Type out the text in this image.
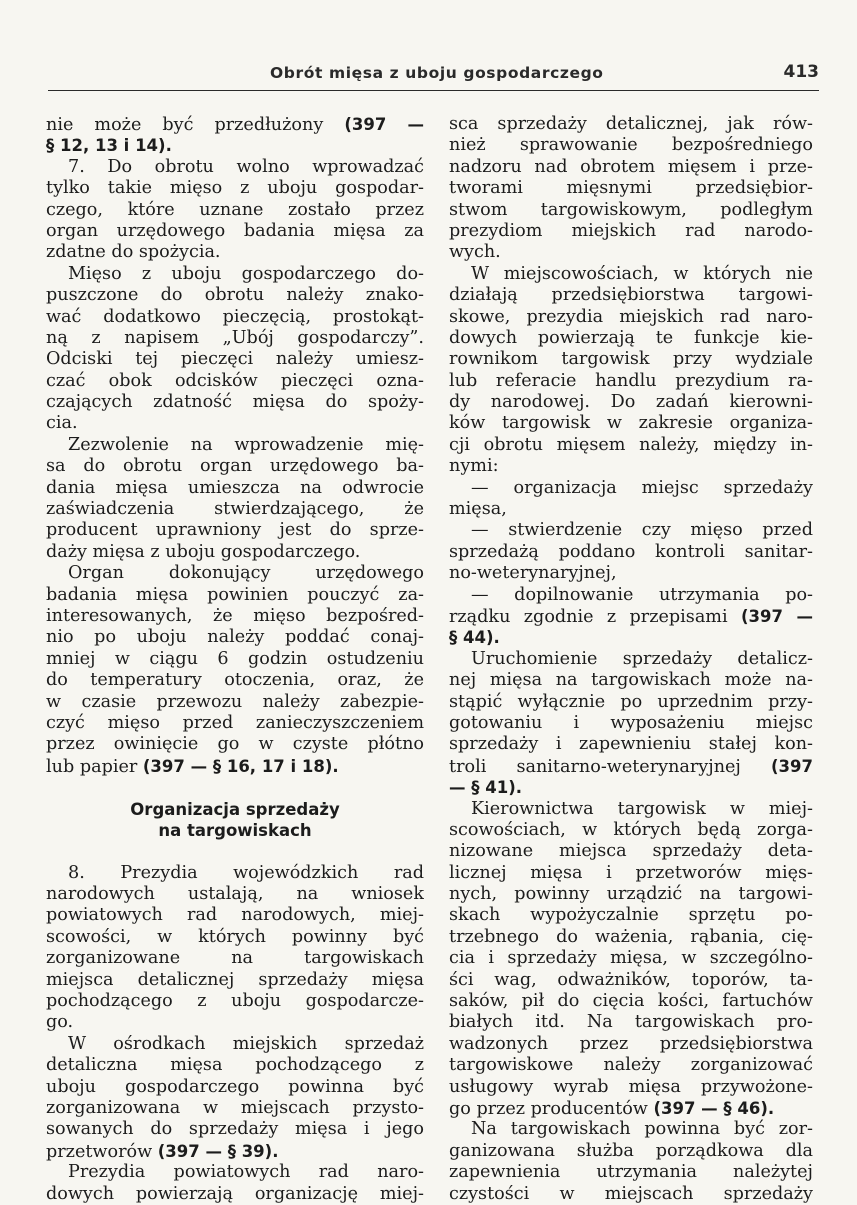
Obrót mięsa z uboju gospodarczego	413
nie może być przedłużony (397 —
§ 12, 13 i 14).
7. Do obrotu wolno wprowadzać
tylko takie mięso z uboju gospodar-
czego, które uznane zostało przez
organ urzędowego badania mięsa za
zdatne do spożycia.
Mięso z uboju gospodarczego do-
puszczone do obrotu należy znako-
wać dodatkowo pieczęcią, prostokąt-
ną z napisem „Ubój gospodarczy”.
Odciski tej pieczęci należy umiesz-
czać obok odcisków pieczęci ozna-
czających zdatność mięsa do spoży-
cia.
Zezwolenie na wprowadzenie mię-
sa do obrotu organ urzędowego ba-
dania mięsa umieszcza na odwrocie
zaświadczenia stwierdzającego, że
producent uprawniony jest do sprze-
daży mięsa z uboju gospodarczego.
Organ dokonujący urzędowego
badania mięsa powinien pouczyć za-
interesowanych, że mięso bezpośred-
nio po uboju należy poddać conaj-
mniej w ciągu 6 godzin ostudzeniu
do temperatury otoczenia, oraz, że
w czasie przewozu należy zabezpie-
czyć mięso przed zanieczyszczeniem
przez owinięcie go w czyste płótno
lub papier (397 — § 16, 17 i 18).
Organizacja sprzedaży
na targowiskach
8. Prezydia wojewódzkich rad
narodowych ustalają, na wniosek
powiatowych rad narodowych, miej-
scowości, w których powinny być
zorganizowane na targowiskach
miejsca detalicznej sprzedaży mięsa
pochodzącego z uboju gospodarcze-
go.
W ośrodkach miejskich sprzedaż
detaliczna mięsa pochodzącego z
uboju gospodarczego powinna być
zorganizowana w miejscach przysto-
sowanych do sprzedaży mięsa i jego
przetworów (397 — § 39).
Prezydia powiatowych rad naro-
dowych powierzają organizację miej-
sca sprzedaży detalicznej, jak rów-
nież sprawowanie bezpośredniego
nadzoru nad obrotem mięsem i prze-
tworami mięsnymi przedsiębior-
stwom targowiskowym, podległym
prezydiom miejskich rad narodo-
wych.
W miejscowościach, w których nie
działają przedsiębiorstwa targowi-
skowe, prezydia miejskich rad naro-
dowych powierzają te funkcje kie-
rownikom targowisk przy wydziale
lub referacie handlu prezydium ra-
dy narodowej. Do zadań kierowni-
ków targowisk w zakresie organiza-
cji obrotu mięsem należy, między in-
nymi:
— organizacja miejsc sprzedaży
mięsa,
— stwierdzenie czy mięso przed
sprzedażą poddano kontroli sanitar-
no-weterynaryjnej,
— dopilnowanie utrzymania po-
rządku zgodnie z przepisami (397 —
§ 44).
Uruchomienie sprzedaży detalicz-
nej mięsa na targowiskach może na-
stąpić wyłącznie po uprzednim przy-
gotowaniu i wyposażeniu miejsc
sprzedaży i zapewnieniu stałej kon-
troli sanitarno-weterynaryjnej (397
— § 41).
Kierownictwa targowisk w miej-
scowościach, w których będą zorga-
nizowane miejsca sprzedaży deta-
licznej mięsa i przetworów mięs-
nych, powinny urządzić na targowi-
skach wypożyczalnie sprzętu po-
trzebnego do ważenia, rąbania, cię-
cia i sprzedaży mięsa, w szczególno-
ści wag, odważników, toporów, ta-
saków, pił do cięcia kości, fartuchów
białych itd. Na targowiskach pro-
wadzonych przez przedsiębiorstwa
targowiskowe należy zorganizować
usługowy wyrab mięsa przywożone-
go przez producentów (397 — § 46).
Na targowiskach powinna być zor-
ganizowana służba porządkowa dla
zapewnienia utrzymania należytej
czystości w miejscach sprzedaży
